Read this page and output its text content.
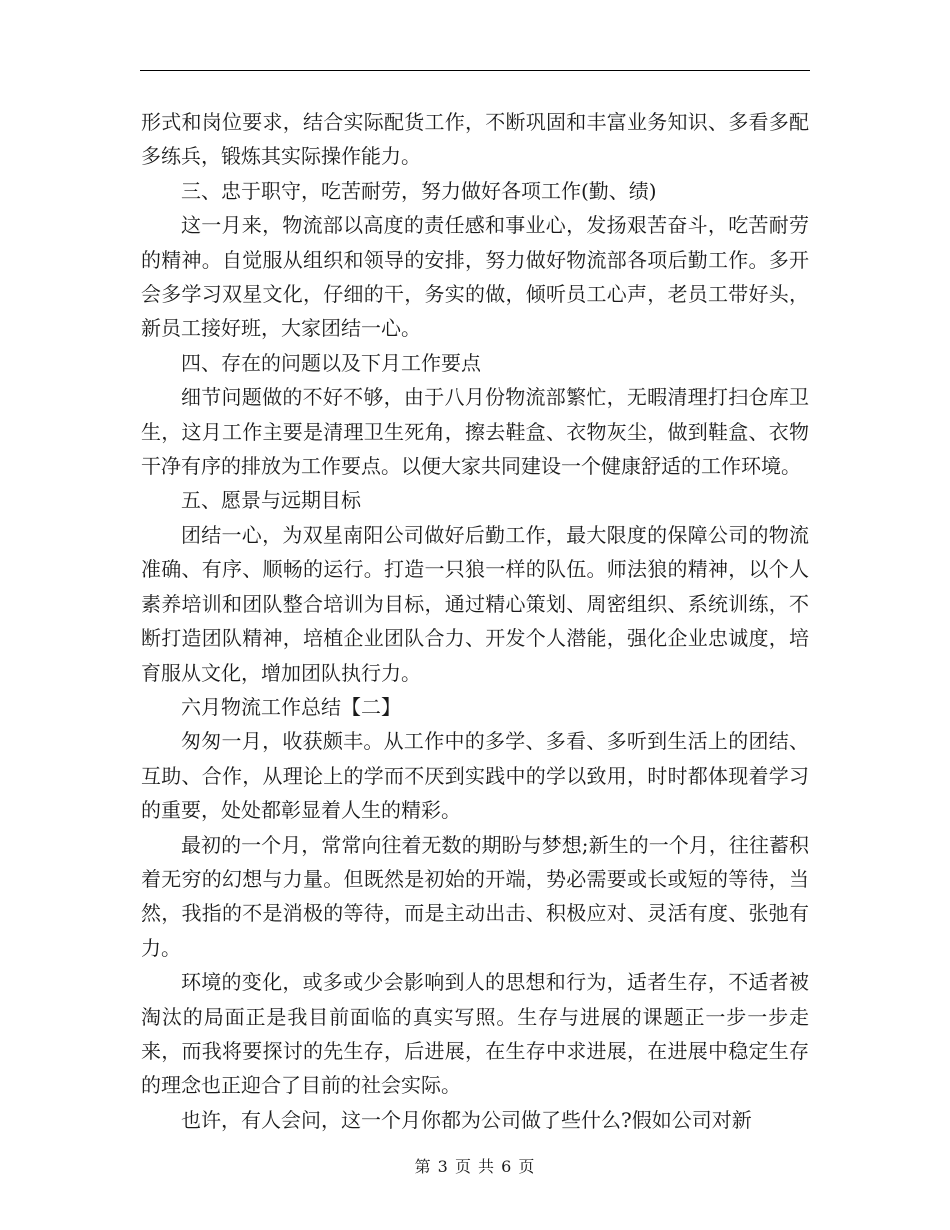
形式和岗位要求，结合实际配货工作，不断巩固和丰富业务知识、多看多配多练兵，锻炼其实际操作能力。

三、忠于职守，吃苦耐劳，努力做好各项工作(勤、绩)

这一月来，物流部以高度的责任感和事业心，发扬艰苦奋斗，吃苦耐劳的精神。自觉服从组织和领导的安排，努力做好物流部各项后勤工作。多开会多学习双星文化，仔细的干，务实的做，倾听员工心声，老员工带好头，新员工接好班，大家团结一心。

四、存在的问题以及下月工作要点

细节问题做的不好不够，由于八月份物流部繁忙，无暇清理打扫仓库卫生，这月工作主要是清理卫生死角，擦去鞋盒、衣物灰尘，做到鞋盒、衣物干净有序的排放为工作要点。以便大家共同建设一个健康舒适的工作环境。

五、愿景与远期目标

团结一心，为双星南阳公司做好后勤工作，最大限度的保障公司的物流准确、有序、顺畅的运行。打造一只狼一样的队伍。师法狼的精神，以个人素养培训和团队整合培训为目标，通过精心策划、周密组织、系统训练，不断打造团队精神，培植企业团队合力、开发个人潜能，强化企业忠诚度，培育服从文化，增加团队执行力。

六月物流工作总结【二】

匆匆一月，收获颇丰。从工作中的多学、多看、多听到生活上的团结、互助、合作，从理论上的学而不厌到实践中的学以致用，时时都体现着学习的重要，处处都彰显着人生的精彩。

最初的一个月，常常向往着无数的期盼与梦想;新生的一个月，往往蓄积着无穷的幻想与力量。但既然是初始的开端，势必需要或长或短的等待，当然，我指的不是消极的等待，而是主动出击、积极应对、灵活有度、张弛有力。

环境的变化，或多或少会影响到人的思想和行为，适者生存，不适者被淘汰的局面正是我目前面临的真实写照。生存与进展的课题正一步一步走来，而我将要探讨的先生存，后进展，在生存中求进展，在进展中稳定生存的理念也正迎合了目前的社会实际。

也许，有人会问，这一个月你都为公司做了些什么?假如公司对新

第 3 页 共 6 页
